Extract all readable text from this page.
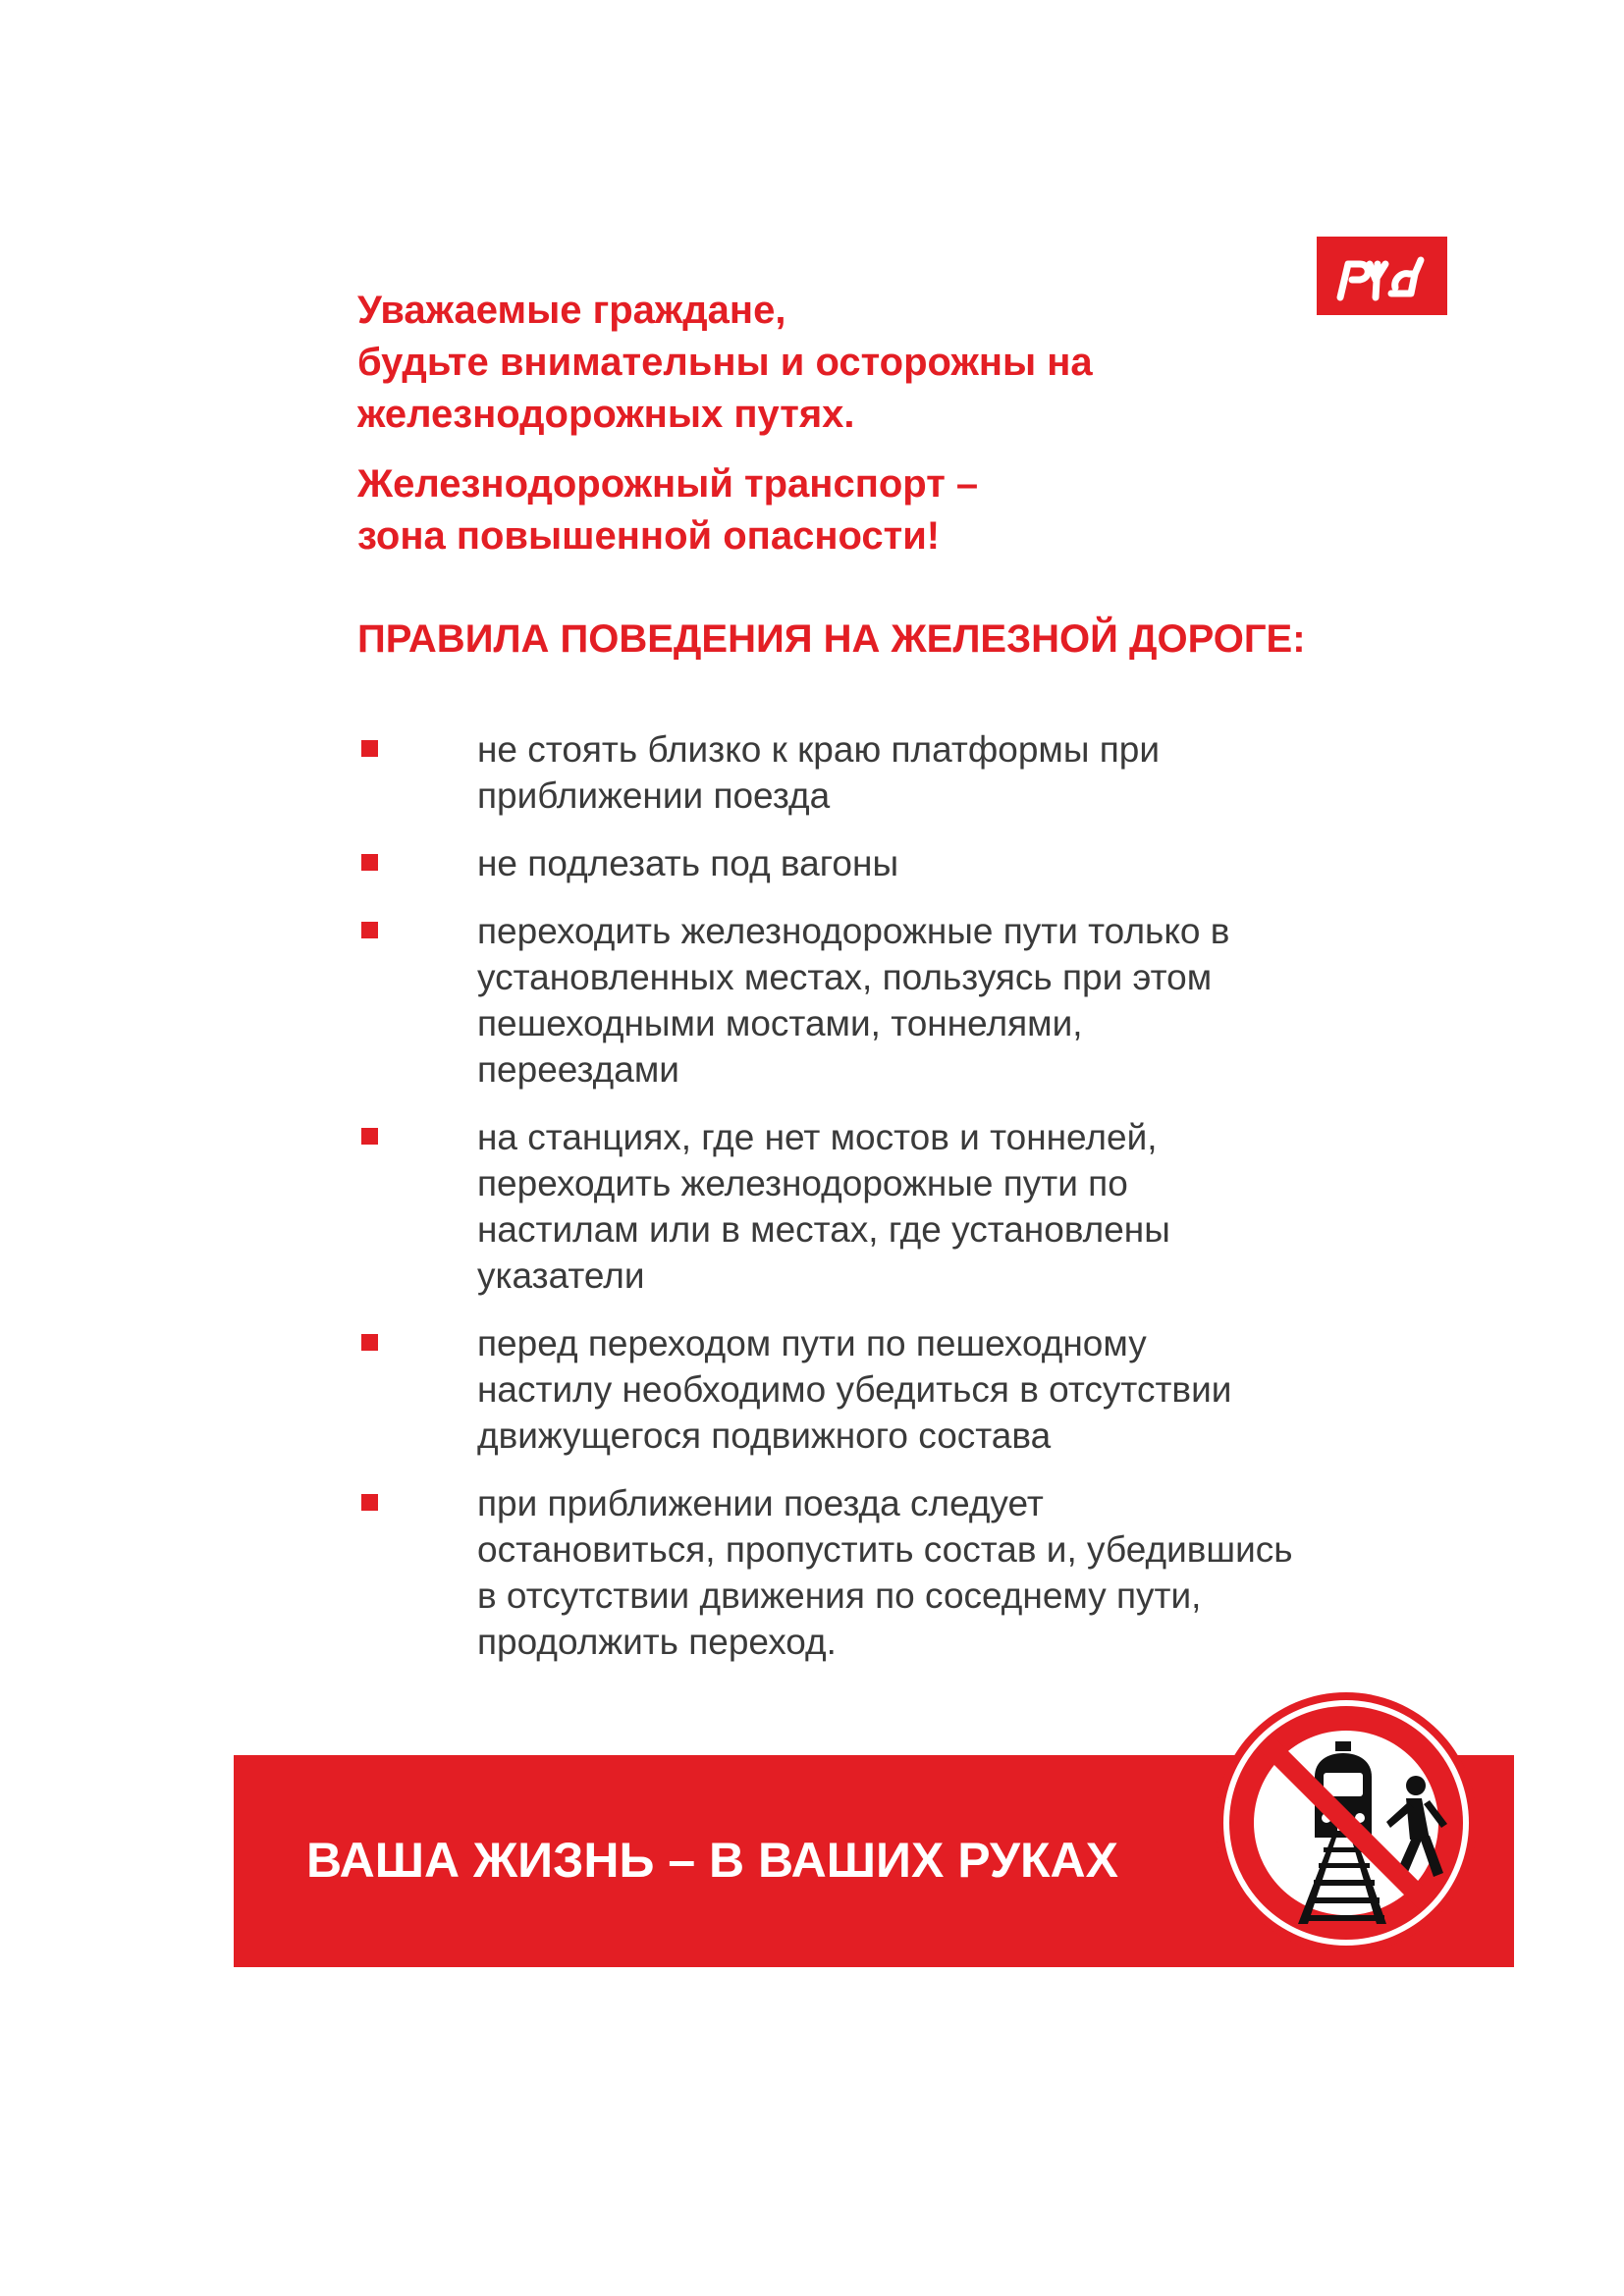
Уважаемые граждане,
будьте внимательны и осторожны на
железнодорожных путях.
Железнодорожный транспорт –
зона повышенной опасности!
ПРАВИЛА ПОВЕДЕНИЯ НА ЖЕЛЕЗНОЙ ДОРОГЕ:
не стоять близко к краю платформы при
приближении поезда
не подлезать под вагоны
переходить железнодорожные пути только в
установленных местах, пользуясь при этом
пешеходными мостами, тоннелями,
переездами
на станциях, где нет мостов и тоннелей,
переходить железнодорожные пути по
настилам или в местах, где установлены
указатели
перед переходом пути по пешеходному
настилу необходимо убедиться в отсутствии
движущегося подвижного состава
при приближении поезда следует
остановиться, пропустить состав и, убедившись
в отсутствии движения по соседнему пути,
продолжить переход.
ВАША ЖИЗНЬ – В ВАШИХ РУКАХ
